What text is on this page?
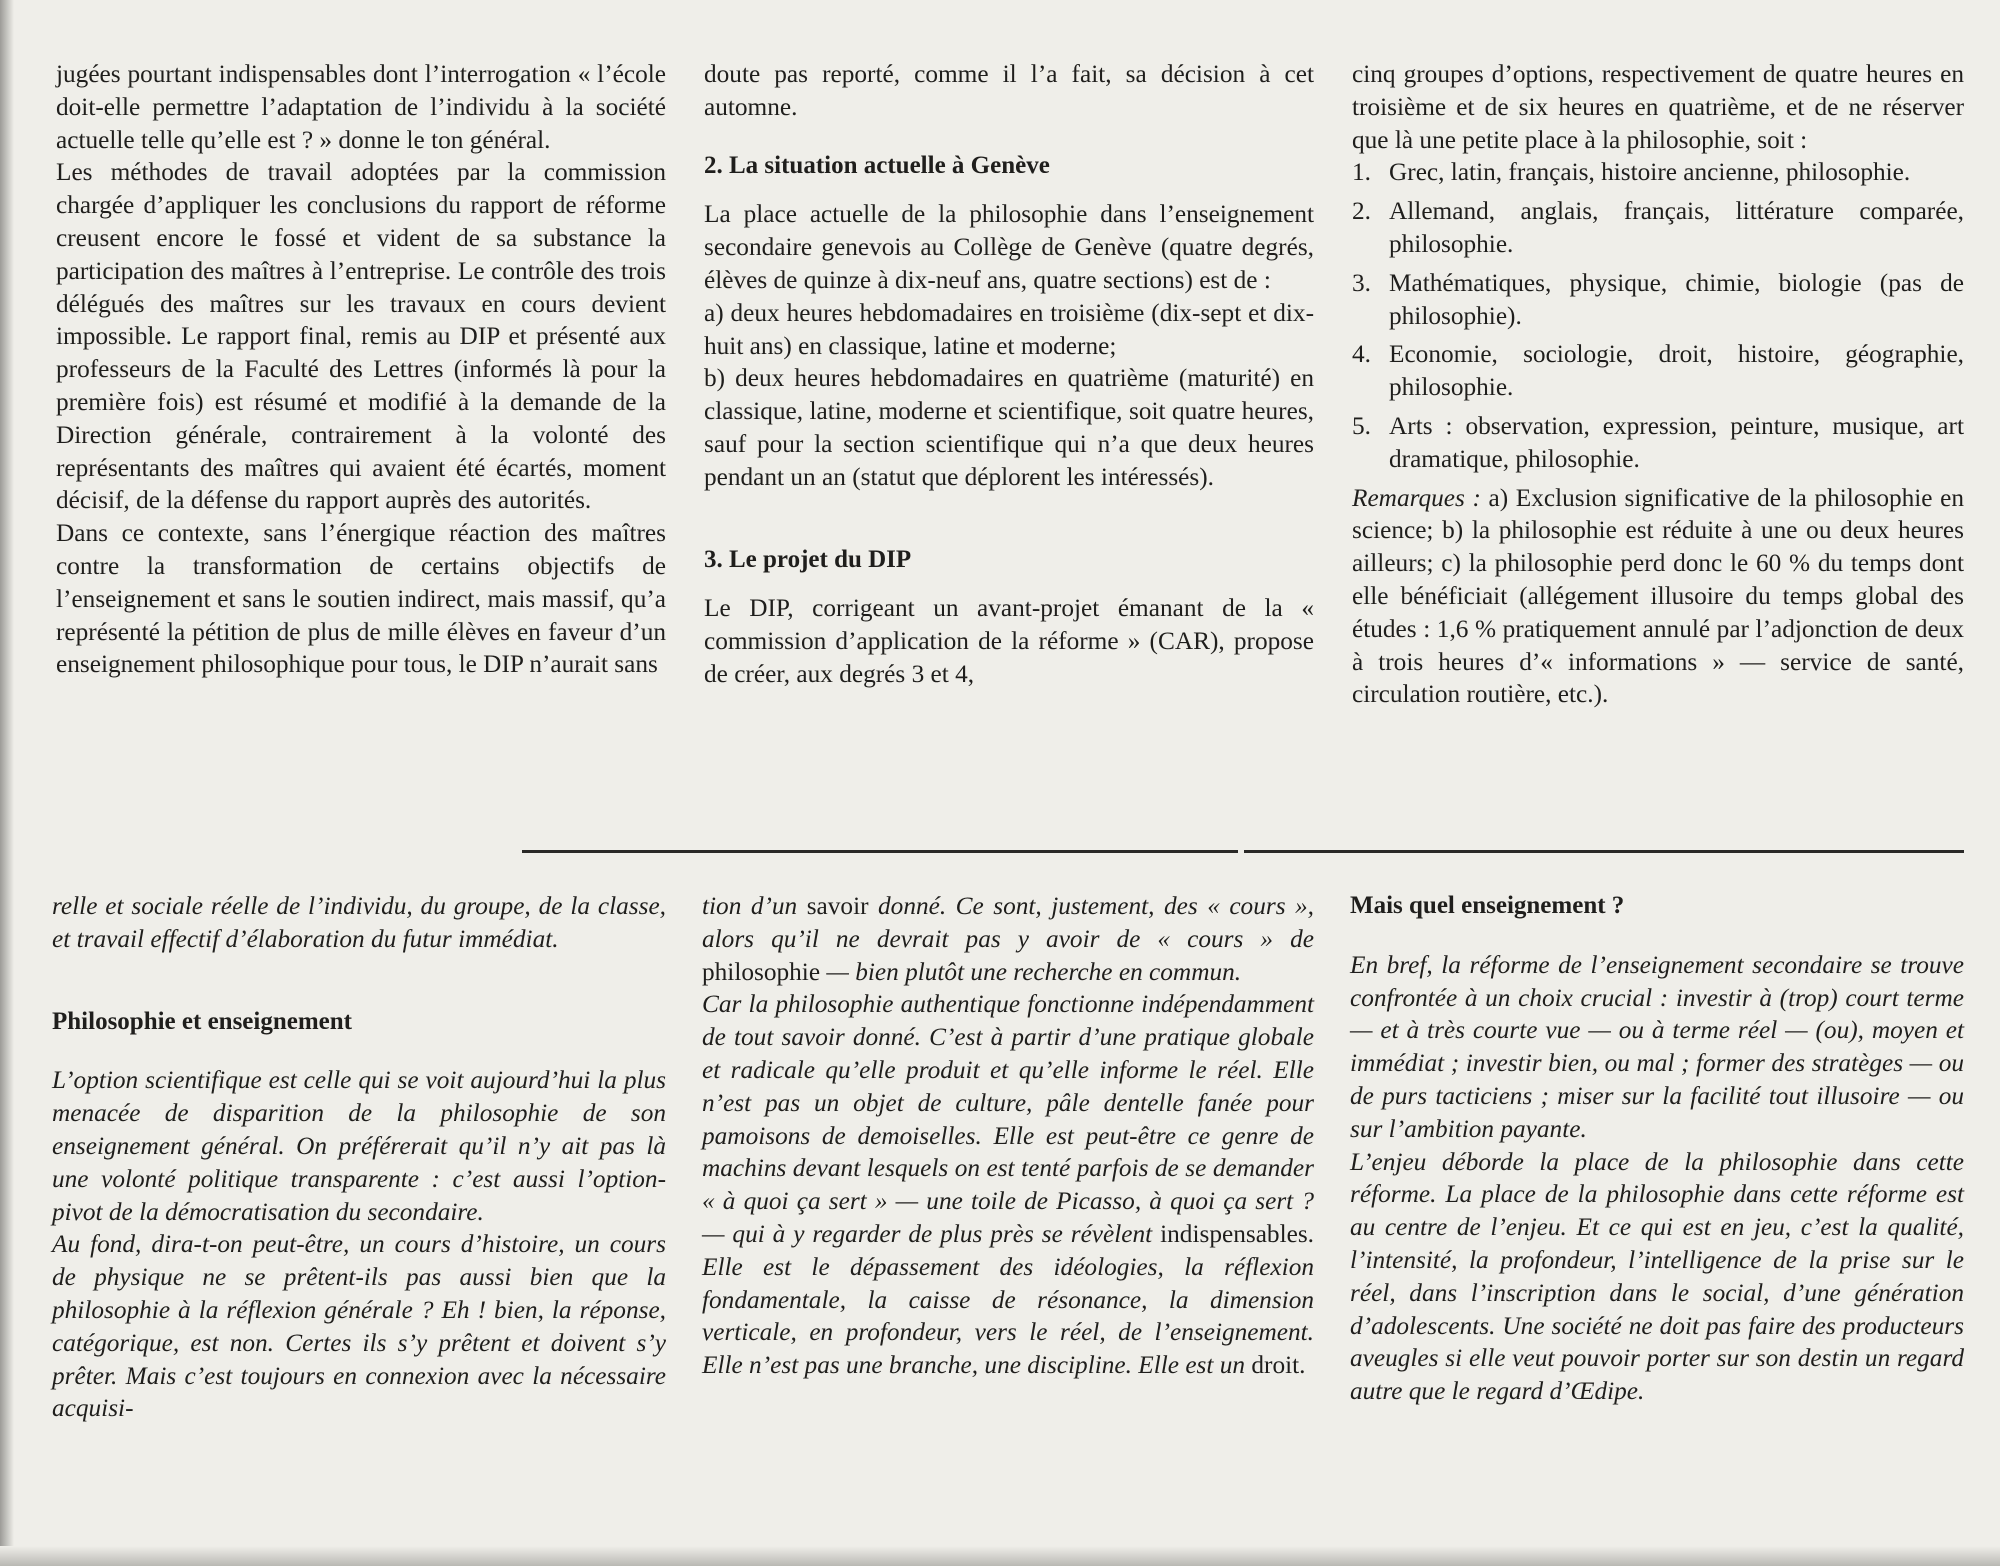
jugées pourtant indispensables dont l’interrogation « l’école doit-elle permettre l’adaptation de l’individu à la société actuelle telle qu’elle est ? » donne le ton général.

Les méthodes de travail adoptées par la commission chargée d’appliquer les conclusions du rapport de réforme creusent encore le fossé et vident de sa substance la participation des maîtres à l’entreprise. Le contrôle des trois délégués des maîtres sur les travaux en cours devient impossible. Le rapport final, remis au DIP et présenté aux professeurs de la Faculté des Lettres (informés là pour la première fois) est résumé et modifié à la demande de la Direction générale, contrairement à la volonté des représentants des maîtres qui avaient été écartés, moment décisif, de la défense du rapport auprès des autorités.

Dans ce contexte, sans l’énergique réaction des maîtres contre la transformation de certains objectifs de l’enseignement et sans le soutien indirect, mais massif, qu’a représenté la pétition de plus de mille élèves en faveur d’un enseignement philosophique pour tous, le DIP n’aurait sans

doute pas reporté, comme il l’a fait, sa décision à cet automne.

2. La situation actuelle à Genève

La place actuelle de la philosophie dans l’enseignement secondaire genevois au Collège de Genève (quatre degrés, élèves de quinze à dix-neuf ans, quatre sections) est de :

a) deux heures hebdomadaires en troisième (dix-sept et dix-huit ans) en classique, latine et moderne;

b) deux heures hebdomadaires en quatrième (maturité) en classique, latine, moderne et scientifique, soit quatre heures, sauf pour la section scientifique qui n’a que deux heures pendant un an (statut que déplorent les intéressés).

3. Le projet du DIP

Le DIP, corrigeant un avant-projet émanant de la « commission d’application de la réforme » (CAR), propose de créer, aux degrés 3 et 4,

cinq groupes d’options, respectivement de quatre heures en troisième et de six heures en quatrième, et de ne réserver que là une petite place à la philosophie, soit :

1. Grec, latin, français, histoire ancienne, philosophie.
2. Allemand, anglais, français, littérature comparée, philosophie.
3. Mathématiques, physique, chimie, biologie (pas de philosophie).
4. Economie, sociologie, droit, histoire, géographie, philosophie.
5. Arts : observation, expression, peinture, musique, art dramatique, philosophie.

Remarques : a) Exclusion significative de la philosophie en science; b) la philosophie est réduite à une ou deux heures ailleurs; c) la philosophie perd donc le 60 % du temps dont elle bénéficiait (allégement illusoire du temps global des études : 1,6 % pratiquement annulé par l’adjonction de deux à trois heures d’« informations » — service de santé, circulation routière, etc.).

relle et sociale réelle de l’individu, du groupe, de la classe, et travail effectif d’élaboration du futur immédiat.

Philosophie et enseignement

L’option scientifique est celle qui se voit aujourd’hui la plus menacée de disparition de la philosophie de son enseignement général. On préférerait qu’il n’y ait pas là une volonté politique transparente : c’est aussi l’option-pivot de la démocratisation du secondaire.

Au fond, dira-t-on peut-être, un cours d’histoire, un cours de physique ne se prêtent-ils pas aussi bien que la philosophie à la réflexion générale ? Eh ! bien, la réponse, catégorique, est non. Certes ils s’y prêtent et doivent s’y prêter. Mais c’est toujours en connexion avec la nécessaire acquisi-

tion d’un savoir donné. Ce sont, justement, des « cours », alors qu’il ne devrait pas y avoir de « cours » de philosophie — bien plutôt une recherche en commun.

Car la philosophie authentique fonctionne indépendamment de tout savoir donné. C’est à partir d’une pratique globale et radicale qu’elle produit et qu’elle informe le réel. Elle n’est pas un objet de culture, pâle dentelle fanée pour pamoisons de demoiselles. Elle est peut-être ce genre de machins devant lesquels on est tenté parfois de se demander « à quoi ça sert » — une toile de Picasso, à quoi ça sert ? — qui à y regarder de plus près se révèlent indispensables. Elle est le dépassement des idéologies, la réflexion fondamentale, la caisse de résonance, la dimension verticale, en profondeur, vers le réel, de l’enseignement. Elle n’est pas une branche, une discipline. Elle est un droit.

Mais quel enseignement ?

En bref, la réforme de l’enseignement secondaire se trouve confrontée à un choix crucial : investir à (trop) court terme — et à très courte vue — ou à terme réel — (ou), moyen et immédiat ; investir bien, ou mal ; former des stratèges — ou de purs tacticiens ; miser sur la facilité tout illusoire — ou sur l’ambition payante.

L’enjeu déborde la place de la philosophie dans cette réforme. La place de la philosophie dans cette réforme est au centre de l’enjeu. Et ce qui est en jeu, c’est la qualité, l’intensité, la profondeur, l’intelligence de la prise sur le réel, dans l’inscription dans le social, d’une génération d’adolescents. Une société ne doit pas faire des producteurs aveugles si elle veut pouvoir porter sur son destin un regard autre que le regard d’Œdipe.
